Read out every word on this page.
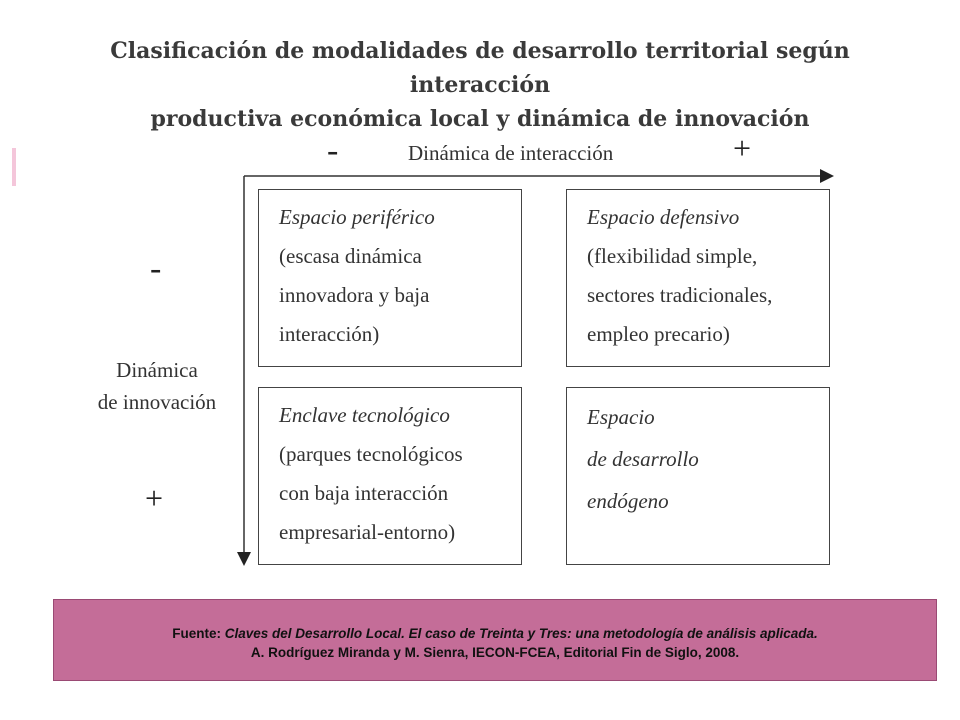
Clasificación de modalidades de desarrollo territorial según interacción
productiva económica local y dinámica de innovación
-	Dinámica de interacción	+
-
Dinámica
de innovación
+
Espacio periférico
(escasa dinámica
innovadora y baja
interacción)
Espacio defensivo
(flexibilidad simple,
sectores tradicionales,
empleo precario)
Enclave tecnológico
(parques tecnológicos
con baja interacción
empresarial-entorno)
Espacio
de desarrollo
endógeno
Fuente: Claves del Desarrollo Local. El caso de Treinta y Tres: una metodología de análisis aplicada.
A. Rodríguez Miranda y M. Sienra, IECON-FCEA, Editorial Fin de Siglo, 2008.
